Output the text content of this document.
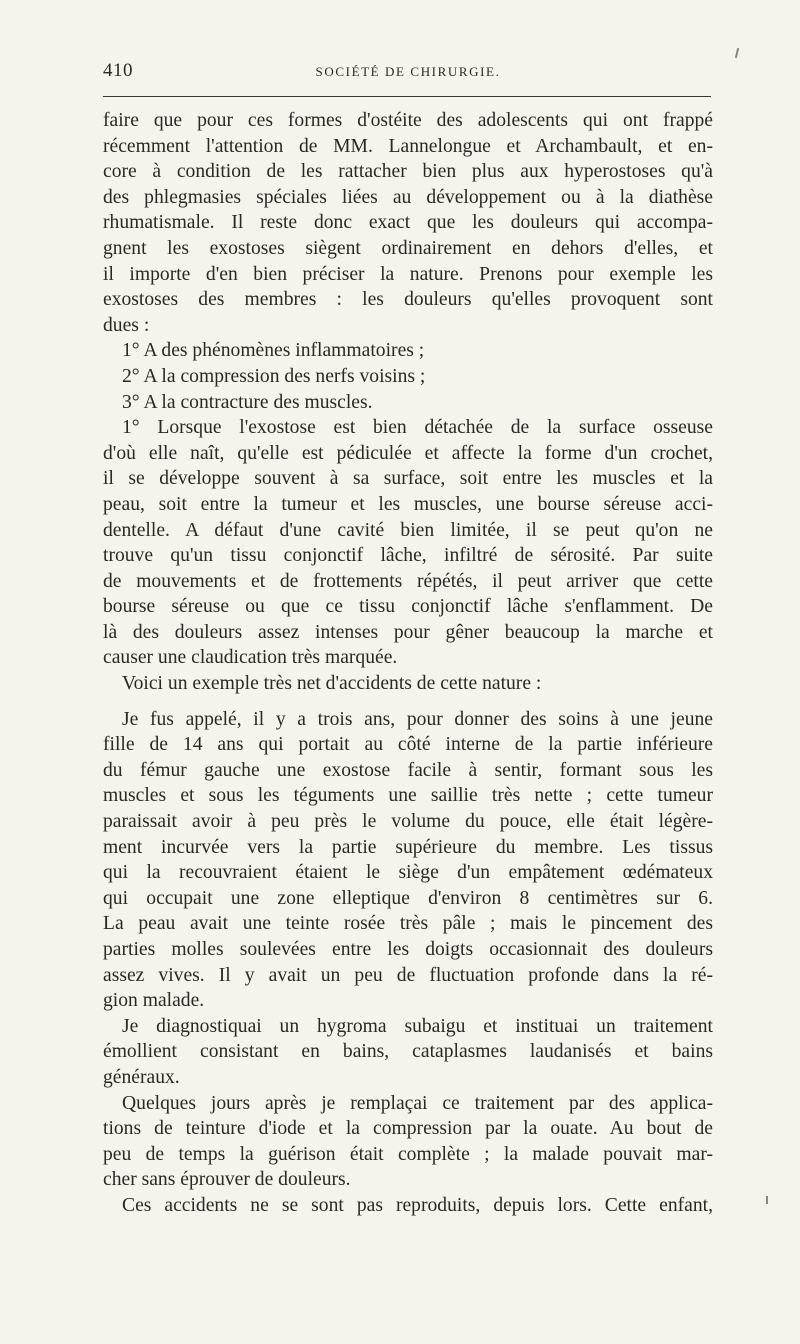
410	SOCIÉTÉ DE CHIRURGIE.
faire que pour ces formes d'ostéite des adolescents qui ont frappé
récemment l'attention de MM. Lannelongue et Archambault, et en-
core à condition de les rattacher bien plus aux hyperostoses qu'à
des phlegmasies spéciales liées au développement ou à la diathèse
rhumatismale. Il reste donc exact que les douleurs qui accompa-
gnent les exostoses siègent ordinairement en dehors d'elles, et
il importe d'en bien préciser la nature. Prenons pour exemple les
exostoses des membres : les douleurs qu'elles provoquent sont
dues :
1° A des phénomènes inflammatoires ;
2° A la compression des nerfs voisins ;
3° A la contracture des muscles.
1° Lorsque l'exostose est bien détachée de la surface osseuse
d'où elle naît, qu'elle est pédiculée et affecte la forme d'un crochet,
il se développe souvent à sa surface, soit entre les muscles et la
peau, soit entre la tumeur et les muscles, une bourse séreuse acci-
dentelle. A défaut d'une cavité bien limitée, il se peut qu'on ne
trouve qu'un tissu conjonctif lâche, infiltré de sérosité. Par suite
de mouvements et de frottements répétés, il peut arriver que cette
bourse séreuse ou que ce tissu conjonctif lâche s'enflamment. De
là des douleurs assez intenses pour gêner beaucoup la marche et
causer une claudication très marquée.
Voici un exemple très net d'accidents de cette nature :
Je fus appelé, il y a trois ans, pour donner des soins à une jeune
fille de 14 ans qui portait au côté interne de la partie inférieure
du fémur gauche une exostose facile à sentir, formant sous les
muscles et sous les téguments une saillie très nette ; cette tumeur
paraissait avoir à peu près le volume du pouce, elle était légère-
ment incurvée vers la partie supérieure du membre. Les tissus
qui la recouvraient étaient le siège d'un empâtement œdémateux
qui occupait une zone elleptique d'environ 8 centimètres sur 6.
La peau avait une teinte rosée très pâle ; mais le pincement des
parties molles soulevées entre les doigts occasionnait des douleurs
assez vives. Il y avait un peu de fluctuation profonde dans la ré-
gion malade.
Je diagnostiquai un hygroma subaigu et instituai un traitement
émollient consistant en bains, cataplasmes laudanisés et bains
généraux.
Quelques jours après je remplaçai ce traitement par des applica-
tions de teinture d'iode et la compression par la ouate. Au bout de
peu de temps la guérison était complète ; la malade pouvait mar-
cher sans éprouver de douleurs.
Ces accidents ne se sont pas reproduits, depuis lors. Cette enfant,
